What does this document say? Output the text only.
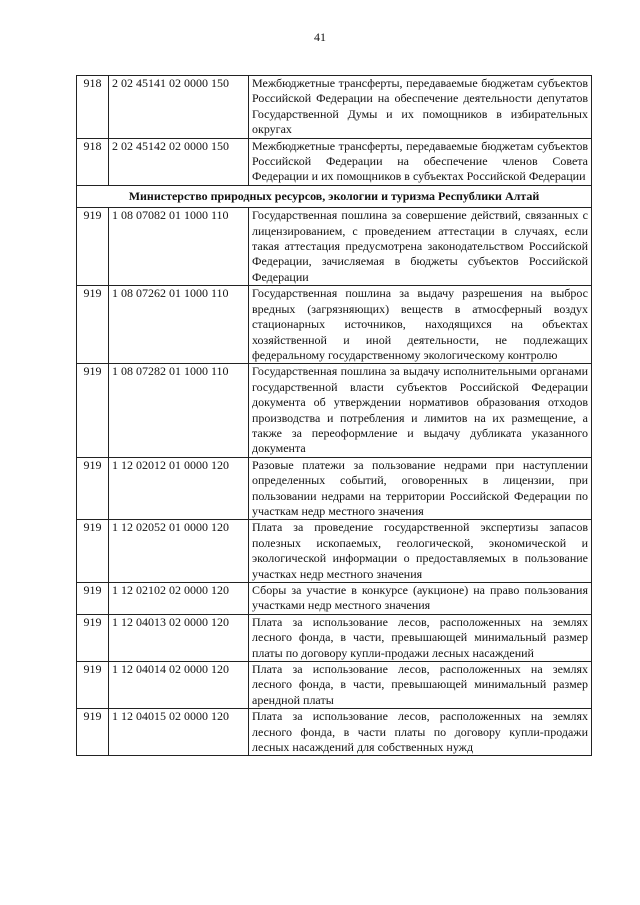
41
918	2 02 45141 02 0000 150	Межбюджетные трансферты, передаваемые бюджетам субъектов Российской Федерации на обеспечение деятельности депутатов Государственной Думы и их помощников в избирательных округах
918	2 02 45142 02 0000 150	Межбюджетные трансферты, передаваемые бюджетам субъектов Российской Федерации на обеспечение членов Совета Федерации и их помощников в субъектах Российской Федерации
Министерство природных ресурсов, экологии и туризма Республики Алтай		
919	1 08 07082 01 1000 110	Государственная пошлина за совершение действий, связанных с лицензированием, с проведением аттестации в случаях, если такая аттестация предусмотрена законодательством Российской Федерации, зачисляемая в бюджеты субъектов Российской Федерации
919	1 08 07262 01 1000 110	Государственная пошлина за выдачу разрешения на выброс вредных (загрязняющих) веществ в атмосферный воздух стационарных источников, находящихся на объектах хозяйственной и иной деятельности, не подлежащих федеральному государственному экологическому контролю
919	1 08 07282 01 1000 110	Государственная пошлина за выдачу исполнительными органами государственной власти субъектов Российской Федерации документа об утверждении нормативов образования отходов производства и потребления и лимитов на их размещение, а также за переоформление и выдачу дубликата указанного документа
919	1 12 02012 01 0000 120	Разовые платежи за пользование недрами при наступлении определенных событий, оговоренных в лицензии, при пользовании недрами на территории Российской Федерации по участкам недр местного значения
919	1 12 02052 01 0000 120	Плата за проведение государственной экспертизы запасов полезных ископаемых, геологической, экономической и экологической информации о предоставляемых в пользование участках недр местного значения
919	1 12 02102 02 0000 120	Сборы за участие в конкурсе (аукционе) на право пользования участками недр местного значения
919	1 12 04013 02 0000 120	Плата за использование лесов, расположенных на землях лесного фонда, в части, превышающей минимальный размер платы по договору купли-продажи лесных насаждений
919	1 12 04014 02 0000 120	Плата за использование лесов, расположенных на землях лесного фонда, в части, превышающей минимальный размер арендной платы
919	1 12 04015 02 0000 120	Плата за использование лесов, расположенных на землях лесного фонда, в части платы по договору купли-продажи лесных насаждений для собственных нужд
